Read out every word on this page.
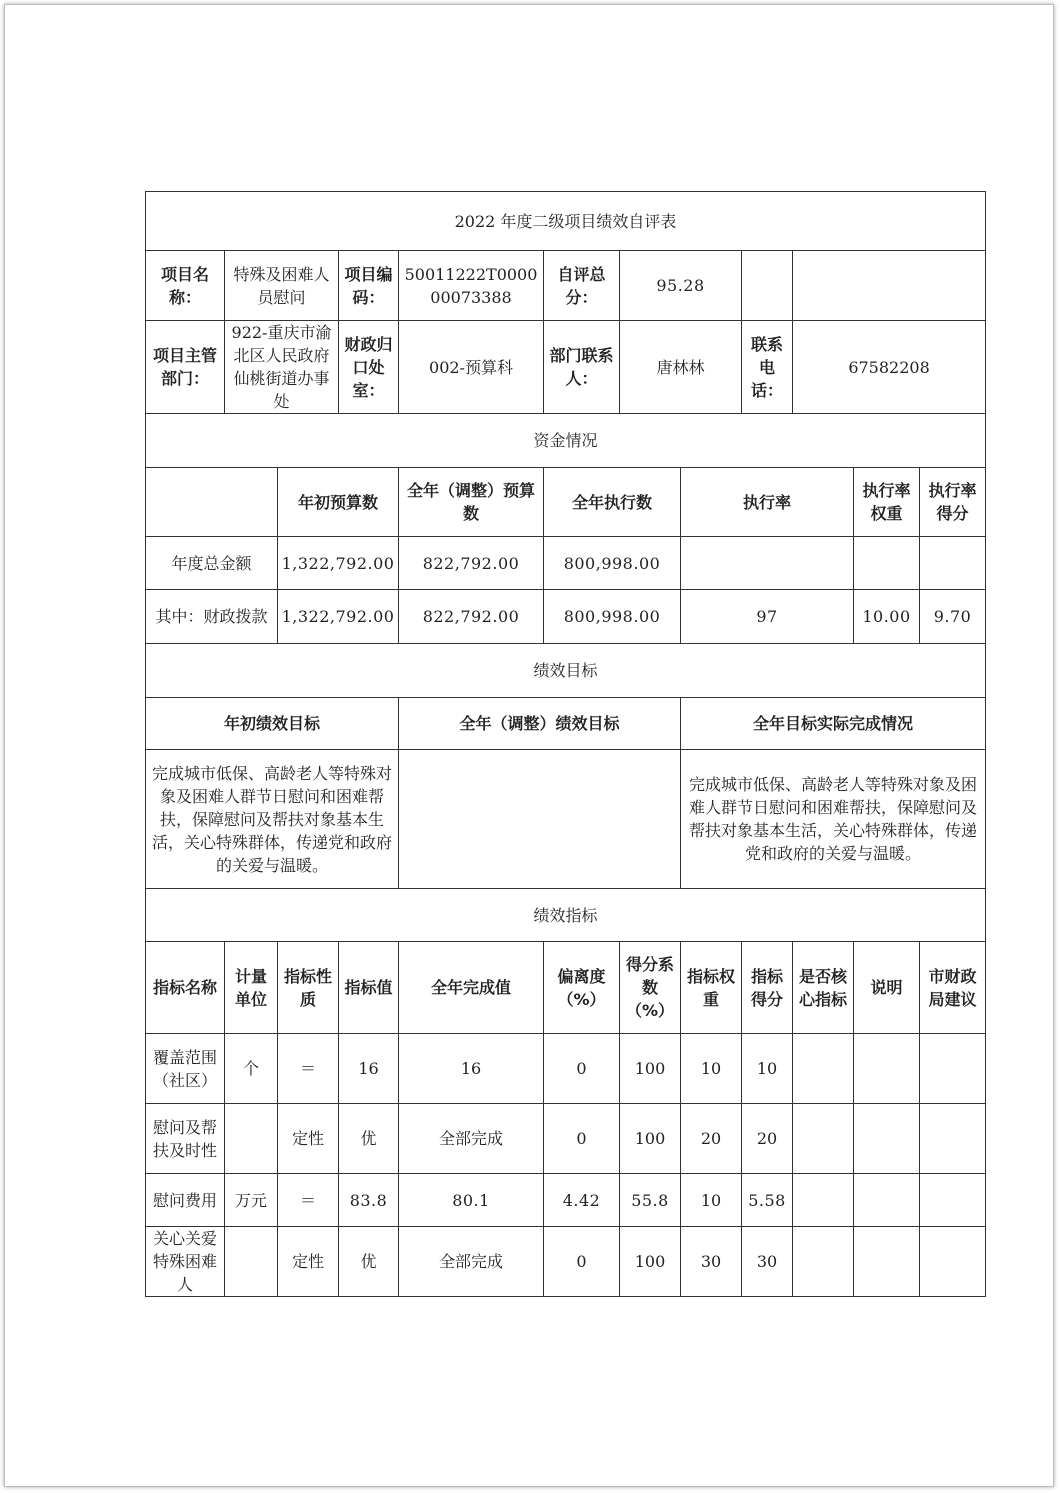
2022 年度二级项目绩效自评表											
项目名称：	特殊及困难人员慰问		项目编码：	50011222T000000073388	自评总分：	95.28					
项目主管部门：	922-重庆市渝北区人民政府仙桃街道办事处		财政归口处室：	002-预算科	部门联系人：	唐林林		联系电话：	67582208		
资金情况											
		年初预算数		全年（调整）预算数	全年执行数		执行率			执行率权重	执行率得分
年度总金额		1,322,792.00		822,792.00	800,998.00						
其中：财政拨款		1,322,792.00		822,792.00	800,998.00		97			10.00	9.70
绩效目标											
年初绩效目标				全年（调整）绩效目标			全年目标实际完成情况				
完成城市低保、高龄老人等特殊对象及困难人群节日慰问和困难帮扶，保障慰问及帮扶对象基本生活，关心特殊群体，传递党和政府的关爱与温暖。							完成城市低保、高龄老人等特殊对象及困难人群节日慰问和困难帮扶，保障慰问及帮扶对象基本生活，关心特殊群体，传递党和政府的关爱与温暖。				
绩效指标											
指标名称	计量单位	指标性质	指标值	全年完成值	偏离度（%）	得分系数（%）	指标权重	指标得分	是否核心指标	说明	市财政局建议
覆盖范围（社区）	个	＝	16	16	0	100	10	10			
慰问及帮扶及时性		定性	优	全部完成	0	100	20	20			
慰问费用	万元	＝	83.8	80.1	4.42	55.8	10	5.58			
关心关爱特殊困难人		定性	优	全部完成	0	100	30	30			
